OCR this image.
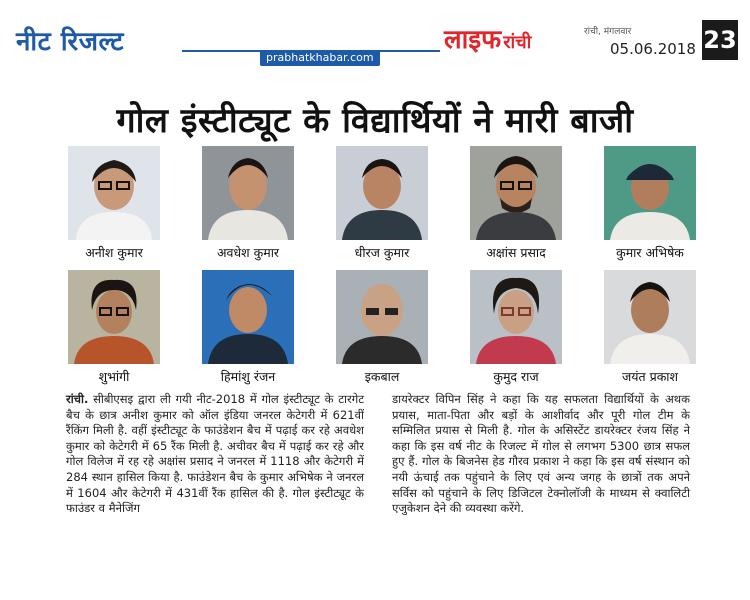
नीट रिजल्ट
prabhatkhabar.com
लाइफ रांची	रांची, मंगलवार
05.06.2018 23
गोल इंस्टीट्यूट के विद्यार्थियों ने मारी बाजी
अनीश कुमार	अवधेश कुमार	धीरज कुमार	अक्षांस प्रसाद	कुमार अभिषेक
शुभांगी	हिमांशु रंजन	इकबाल	कुमुद राज	जयंत प्रकाश
रांची. सीबीएसइ द्वारा ली गयी नीट-2018 में गोल इंस्टीट्यूट के टारगेट बैच के छात्र अनीश कुमार को ऑल इंडिया जनरल केटेगरी में 621वीं रैंकिंग मिली है. वहीं इंस्टीट्यूट के फाउंडेशन बैच में पढ़ाई कर रहे अवधेश कुमार को केटेगरी में 65 रैंक मिली है. अचीवर बैच में पढ़ाई कर रहे और गोल विलेज में रह रहे अक्षांस प्रसाद ने जनरल में 1118 और केटेगरी में 284 स्थान हासिल किया है. फाउंडेशन बैच के कुमार अभिषेक ने जनरल में 1604 और केटेगरी में 431वीं रैंक हासिल की है. गोल इंस्टीट्यूट के फाउंडर व मैनेजिंग
डायरेक्टर विपिन सिंह ने कहा कि यह सफलता विद्यार्थियों के अथक प्रयास, माता-पिता और बड़ों के आशीर्वाद और पूरी गोल टीम के सम्मिलित प्रयास से मिली है. गोल के असिस्टेंट डायरेक्टर रंजय सिंह ने कहा कि इस वर्ष नीट के रिजल्ट में गोल से लगभग 5300 छात्र सफल हुए हैं. गोल के बिजनेस हेड गौरव प्रकाश ने कहा कि इस वर्ष संस्थान को नयी ऊंचाई तक पहुंचाने के लिए एवं अन्य जगह के छात्रों तक अपने सर्विस को पहुंचाने के लिए डिजिटल टेक्नोलॉजी के माध्यम से क्वालिटी एजुकेशन देने की व्यवस्था करेंगे.
